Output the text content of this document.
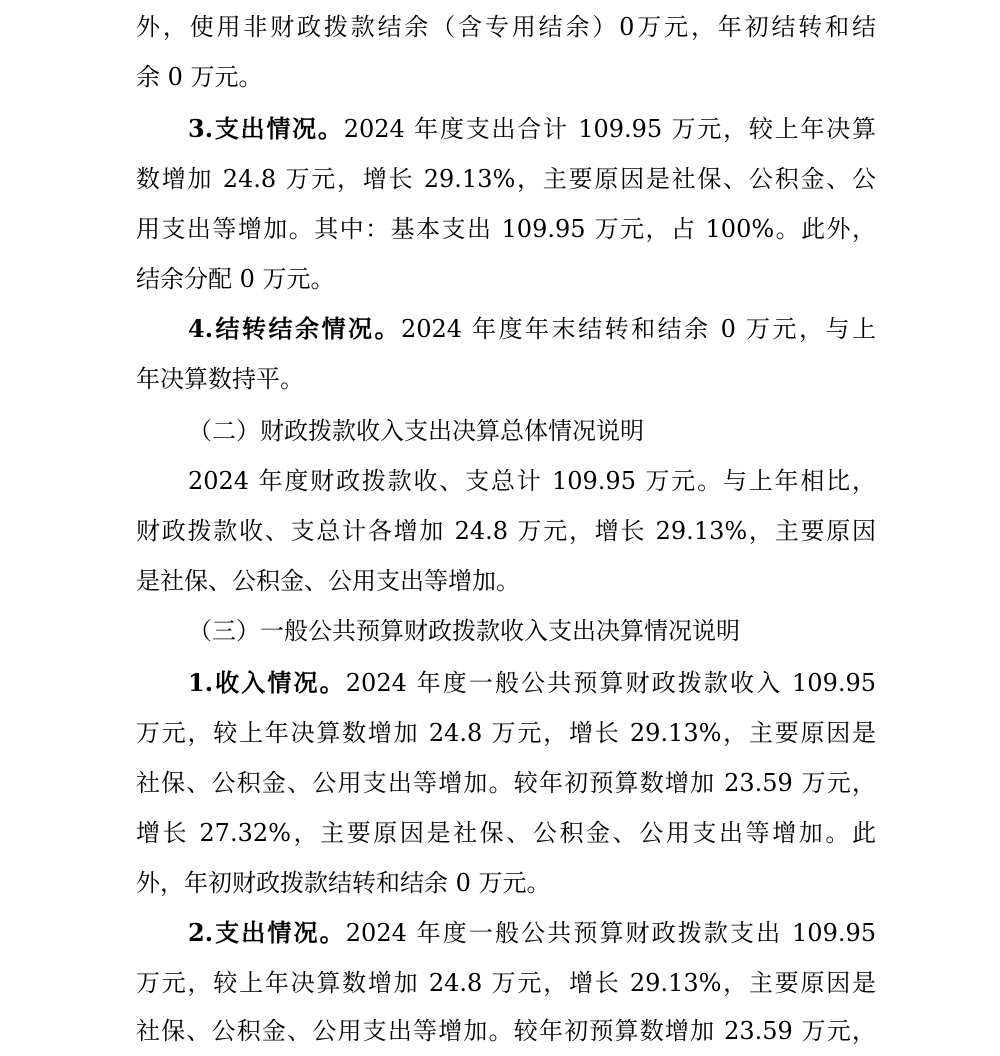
外，使用非财政拨款结余（含专用结余）0万元，年初结转和结
余 0 万元。
3.支出情况。2024 年度支出合计 109.95 万元，较上年决算
数增加 24.8 万元，增长 29.13%，主要原因是社保、公积金、公
用支出等增加。其中：基本支出 109.95 万元，占 100%。此外，
结余分配 0 万元。
4.结转结余情况。2024 年度年末结转和结余 0 万元，与上
年决算数持平。
（二）财政拨款收入支出决算总体情况说明
2024 年度财政拨款收、支总计 109.95 万元。与上年相比，
财政拨款收、支总计各增加 24.8 万元，增长 29.13%，主要原因
是社保、公积金、公用支出等增加。
（三）一般公共预算财政拨款收入支出决算情况说明
1.收入情况。2024 年度一般公共预算财政拨款收入 109.95
万元，较上年决算数增加 24.8 万元，增长 29.13%，主要原因是
社保、公积金、公用支出等增加。较年初预算数增加 23.59 万元，
增长 27.32%，主要原因是社保、公积金、公用支出等增加。此
外，年初财政拨款结转和结余 0 万元。
2.支出情况。2024 年度一般公共预算财政拨款支出 109.95
万元，较上年决算数增加 24.8 万元，增长 29.13%，主要原因是
社保、公积金、公用支出等增加。较年初预算数增加 23.59 万元，
